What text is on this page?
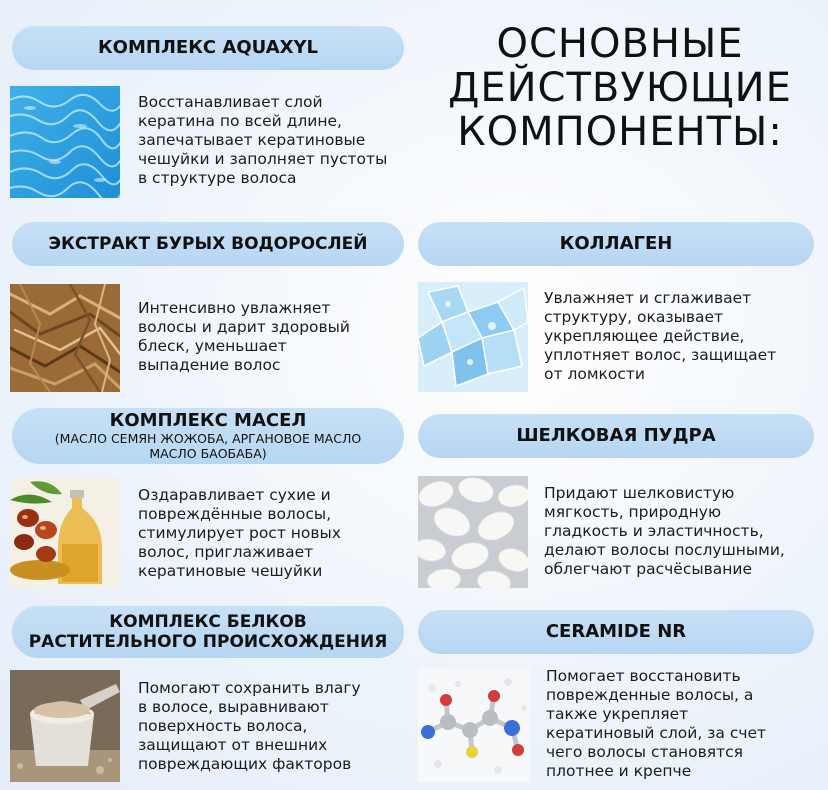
ОСНОВНЫЕ
ДЕЙСТВУЮЩИЕ
КОМПОНЕНТЫ:
КОМПЛЕКС AQUAXYL
Восстанавливает слой
кератина по всей длине,
запечатывает кератиновые
чешуйки и заполняет пустоты
в структуре волоса
ЭКСТРАКТ БУРЫХ ВОДОРОСЛЕЙ
Интенсивно увлажняет
волосы и дарит здоровый
блеск, уменьшает
выпадение волос
КОМПЛЕКС МАСЕЛ
(МАСЛО СЕМЯН ЖОЖОБА, АРГАНОВОЕ МАСЛО
МАСЛО БАОБАБА)
Оздаравливает сухие и
повреждённые волосы,
стимулирует рост новых
волос, приглаживает
кератиновые чешуйки
КОМПЛЕКС БЕЛКОВ
РАСТИТЕЛЬНОГО ПРОИСХОЖДЕНИЯ
Помогают сохранить влагу
в волосе, выравнивают
поверхность волоса,
защищают от внешних
повреждающих факторов
КОЛЛАГЕН
Увлажняет и сглаживает
структуру, оказывает
укрепляющее действие,
уплотняет волос, защищает
от ломкости
ШЕЛКОВАЯ ПУДРА
Придают шелковистую
мягкость, природную
гладкость и эластичность,
делают волосы послушными,
облегчают расчёсывание
CERAMIDE NR
Помогает восстановить
поврежденные волосы, а
также укрепляет
кератиновый слой, за счет
чего волосы становятся
плотнее и крепче
